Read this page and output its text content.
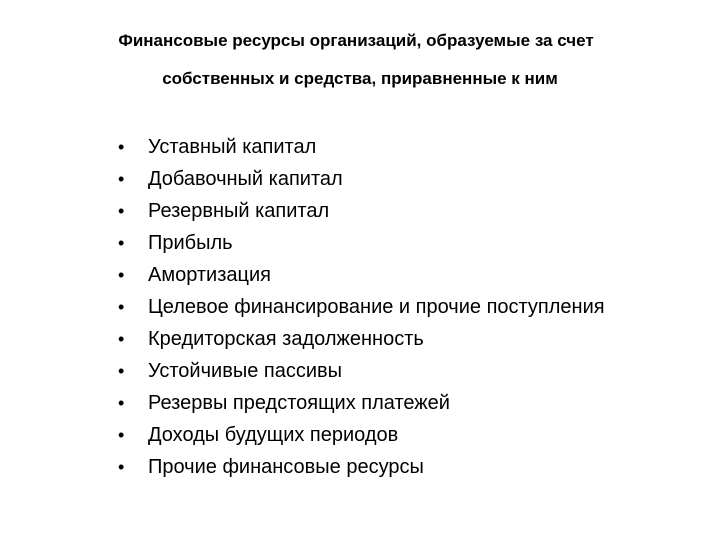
Финансовые ресурсы организаций, образуемые за счет
собственных и средства, приравненные к ним
• Уставный капитал
• Добавочный капитал
• Резервный капитал
• Прибыль
• Амортизация
• Целевое финансирование и прочие поступления
• Кредиторская задолженность
• Устойчивые пассивы
• Резервы предстоящих платежей
• Доходы будущих периодов
• Прочие финансовые ресурсы
